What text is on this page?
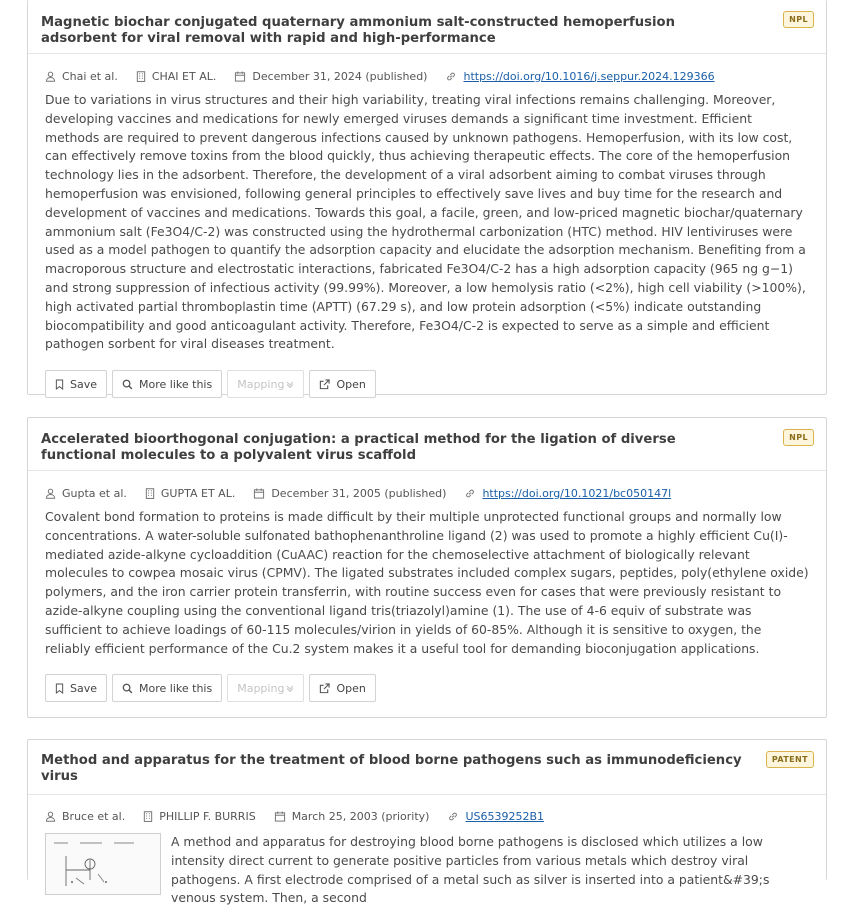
Magnetic biochar conjugated quaternary ammonium salt-constructed hemoperfusion adsorbent for viral removal with rapid and high-performance
NPL
Chai et al.	CHAI ET AL.	December 31, 2024 (published)	https://doi.org/10.1016/j.seppur.2024.129366

Due to variations in virus structures and their high variability, treating viral infections remains challenging. Moreover, developing vaccines and medications for newly emerged viruses demands a significant time investment. Efficient methods are required to prevent dangerous infections caused by unknown pathogens. Hemoperfusion, with its low cost, can effectively remove toxins from the blood quickly, thus achieving therapeutic effects. The core of the hemoperfusion technology lies in the adsorbent. Therefore, the development of a viral adsorbent aiming to combat viruses through hemoperfusion was envisioned, following general principles to effectively save lives and buy time for the research and development of vaccines and medications. Towards this goal, a facile, green, and low-priced magnetic biochar/quaternary ammonium salt (Fe3O4/C-2) was constructed using the hydrothermal carbonization (HTC) method. HIV lentiviruses were used as a model pathogen to quantify the adsorption capacity and elucidate the adsorption mechanism. Benefiting from a macroporous structure and electrostatic interactions, fabricated Fe3O4/C-2 has a high adsorption capacity (965 ng g−1) and strong suppression of infectious activity (99.99%). Moreover, a low hemolysis ratio (<2%), high cell viability (>100%), high activated partial thromboplastin time (APTT) (67.29 s), and low protein adsorption (<5%) indicate outstanding biocompatibility and good anticoagulant activity. Therefore, Fe3O4/C-2 is expected to serve as a simple and efficient pathogen sorbent for viral diseases treatment.

Save	More like this Mapping	Open
Accelerated bioorthogonal conjugation: a practical method for the ligation of diverse functional molecules to a polyvalent virus scaffold
NPL
Gupta et al.	GUPTA ET AL.	December 31, 2005 (published)	https://doi.org/10.1021/bc050147l

Covalent bond formation to proteins is made difficult by their multiple unprotected functional groups and normally low concentrations. A water-soluble sulfonated bathophenanthroline ligand (2) was used to promote a highly efficient Cu(I)-mediated azide-alkyne cycloaddition (CuAAC) reaction for the chemoselective attachment of biologically relevant molecules to cowpea mosaic virus (CPMV). The ligated substrates included complex sugars, peptides, poly(ethylene oxide) polymers, and the iron carrier protein transferrin, with routine success even for cases that were previously resistant to azide-alkyne coupling using the conventional ligand tris(triazolyl)amine (1). The use of 4-6 equiv of substrate was sufficient to achieve loadings of 60-115 molecules/virion in yields of 60-85%. Although it is sensitive to oxygen, the reliably efficient performance of the Cu.2 system makes it a useful tool for demanding bioconjugation applications.

Save	More like this Mapping	Open
Method and apparatus for the treatment of blood borne pathogens such as immunodeficiency virus
PATENT
Bruce et al.	PHILLIP F. BURRIS	March 25, 2003 (priority)	US6539252B1

A method and apparatus for destroying blood borne pathogens is disclosed which utilizes a low intensity direct current to generate positive particles from various metals which destroy viral pathogens. A first electrode comprised of a metal such as silver is inserted into a patient&#39;s venous system. Then, a second
